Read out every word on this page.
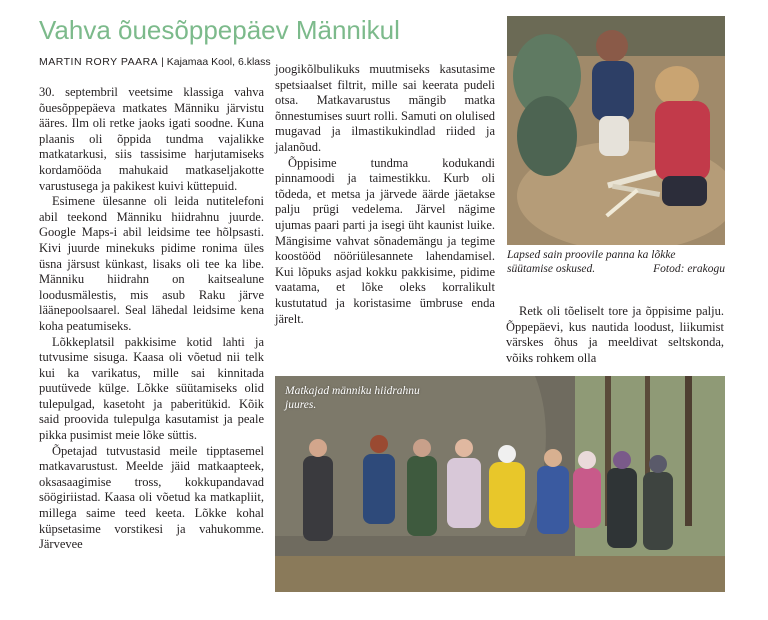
Vahva õuesõppepäev Männikul
MARTIN RORY PAARA | Kajamaa Kool, 6.klass

30. septembril veetsime klassiga vahva õuesõppepäeva matkates Männiku järvistu ääres. Ilm oli retke jaoks igati soodne. Kuna plaanis oli õppida tundma vajalikke matkatarkusi, siis tassisime harjutamiseks kordamööda mahukaid matkaseljakotte varustusega ja pakikest kuivi küttepuid.

Esimene ülesanne oli leida nutitelefoni abil teekond Männiku hiidrahnu juurde. Google Maps-i abil leidsime tee hõlpsasti. Kivi juurde minekuks pidime ronima üles üsna järsust künkast, lisaks oli tee ka libe. Männiku hiidrahn on kaitsealune loodusmälestis, mis asub Raku järve läänepoolsaarel. Seal lähedal leidsime kena koha peatumiseks.

Lõkkeplatsil pakkisime kotid lahti ja tutvusime sisuga. Kaasa oli võetud nii telk kui ka varikatus, mille sai kinnitada puutüvede külge. Lõkke süütamiseks olid tulepulgad, kasetoht ja paberitükid. Kõik said proovida tulepulga kasutamist ja peale pikka pusimist meie lõke süttis.

Õpetajad tutvustasid meile tipptasemel matkavarustust. Meelde jäid matkaapteek, oksasaagimise tross, kokkupandavad söögiriistad. Kaasa oli võetud ka matkapliit, millega saime teed keeta. Lõkke kohal küpsetasime vorstikesi ja vahukomme. Järvevee

joogikõlbulikuks muutmiseks kasutasime spetsiaalset filtrit, mille sai keerata pudeli otsa. Matkavarustus mängib matka õnnestumises suurt rolli. Samuti on olulised mugavad ja ilmastikukindlad riided ja jalanõud.

Õppisime tundma kodukandi pinnamoodi ja taimestikku. Kurb oli tõdeda, et metsa ja järvede äärde jäetakse palju prügi vedelema. Järvel nägime ujumas paari parti ja isegi üht kaunist luike. Mängisime vahvat sõnademängu ja tegime koostööd nööriülesannete lahendamisel. Kui lõpuks asjad kokku pakkisime, pidime vaatama, et lõke oleks korralikult kustutatud ja koristasime ümbruse enda järelt.

Retk oli tõeliselt tore ja õppisime palju. Õppepäevi, kus nautida loodust, liikumist värskes õhus ja meeldivat seltskonda, võiks rohkem olla

Lapsed sain proovile panna ka lõkke
süütamise oskused.	Fotod: erakogu
Matkajad männiku hiidrahnu juures.
